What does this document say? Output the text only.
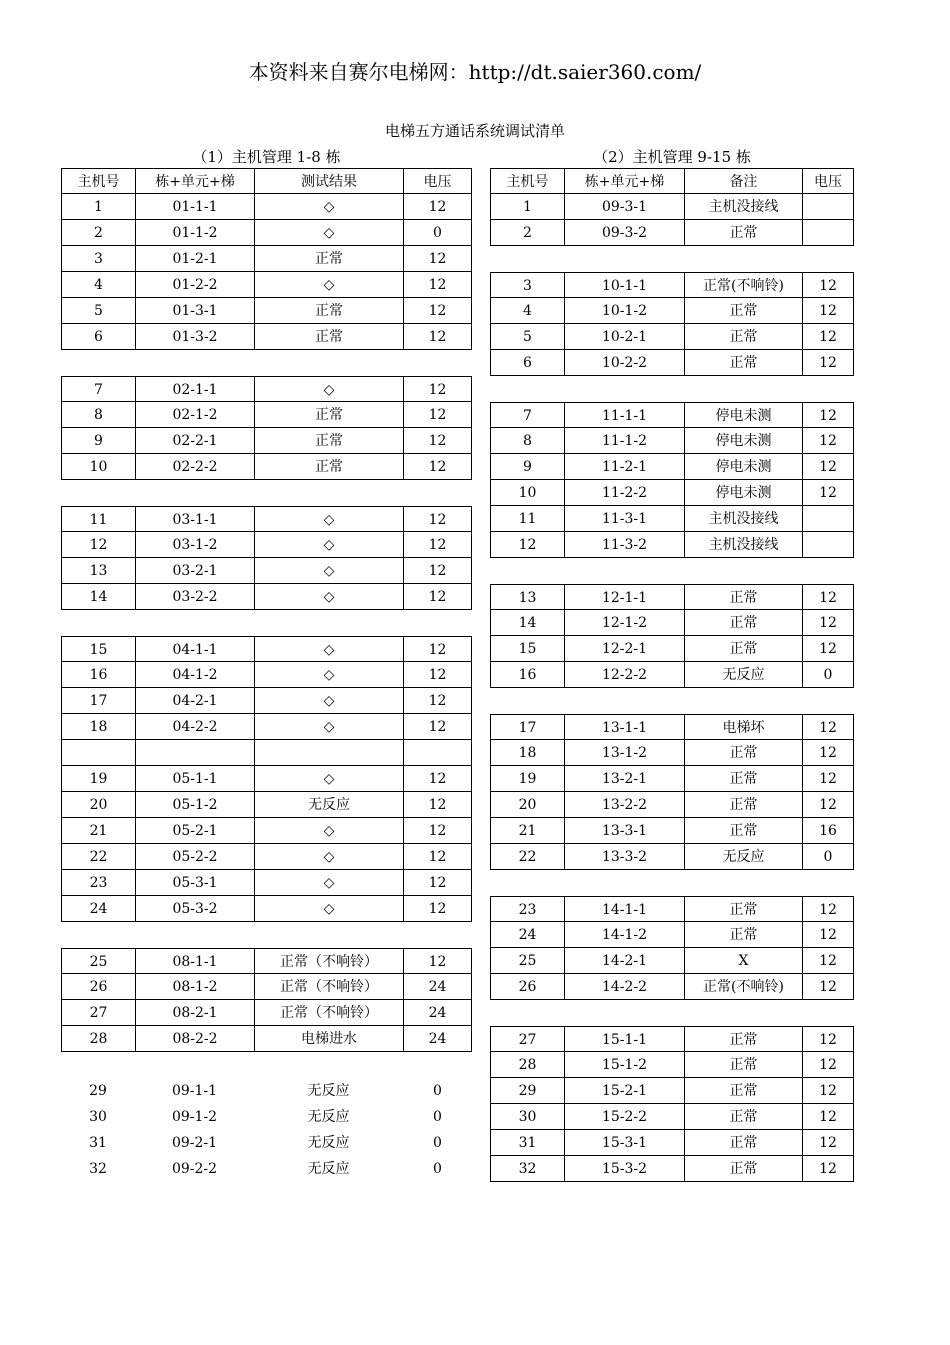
本资料来自赛尔电梯网：http://dt.saier360.com/
电梯五方通话系统调试清单
（1）主机管理 1-8 栋	（2）主机管理 9-15 栋
主机号	栋+单元+梯	测试结果	电压
1	01-1-1	◇	12
2	01-1-2	◇	0
3	01-2-1	正常	12
4	01-2-2	◇	12
5	01-3-1	正常	12
6	01-3-2	正常	12
7	02-1-1	◇	12
8	02-1-2	正常	12
9	02-2-1	正常	12
10	02-2-2	正常	12
11	03-1-1	◇	12
12	03-1-2	◇	12
13	03-2-1	◇	12
14	03-2-2	◇	12
15	04-1-1	◇	12
16	04-1-2	◇	12
17	04-2-1	◇	12
18	04-2-2	◇	12
19	05-1-1	◇	12
20	05-1-2	无反应	12
21	05-2-1	◇	12
22	05-2-2	◇	12
23	05-3-1	◇	12
24	05-3-2	◇	12
25	08-1-1	正常（不响铃）	12
26	08-1-2	正常（不响铃）	24
27	08-2-1	正常（不响铃）	24
28	08-2-2	电梯进水	24
29	09-1-1	无反应	0
30	09-1-2	无反应	0
31	09-2-1	无反应	0
32	09-2-2	无反应	0
主机号	栋+单元+梯	备注	电压
1	09-3-1	主机没接线
2	09-3-2	正常
3	10-1-1	正常(不响铃)	12
4	10-1-2	正常	12
5	10-2-1	正常	12
6	10-2-2	正常	12
7	11-1-1	停电未测	12
8	11-1-2	停电未测	12
9	11-2-1	停电未测	12
10	11-2-2	停电未测	12
11	11-3-1	主机没接线
12	11-3-2	主机没接线
13	12-1-1	正常	12
14	12-1-2	正常	12
15	12-2-1	正常	12
16	12-2-2	无反应	0
17	13-1-1	电梯坏	12
18	13-1-2	正常	12
19	13-2-1	正常	12
20	13-2-2	正常	12
21	13-3-1	正常	16
22	13-3-2	无反应	0
23	14-1-1	正常	12
24	14-1-2	正常	12
25	14-2-1	X	12
26	14-2-2	正常(不响铃)	12
27	15-1-1	正常	12
28	15-1-2	正常	12
29	15-2-1	正常	12
30	15-2-2	正常	12
31	15-3-1	正常	12
32	15-3-2	正常	12
